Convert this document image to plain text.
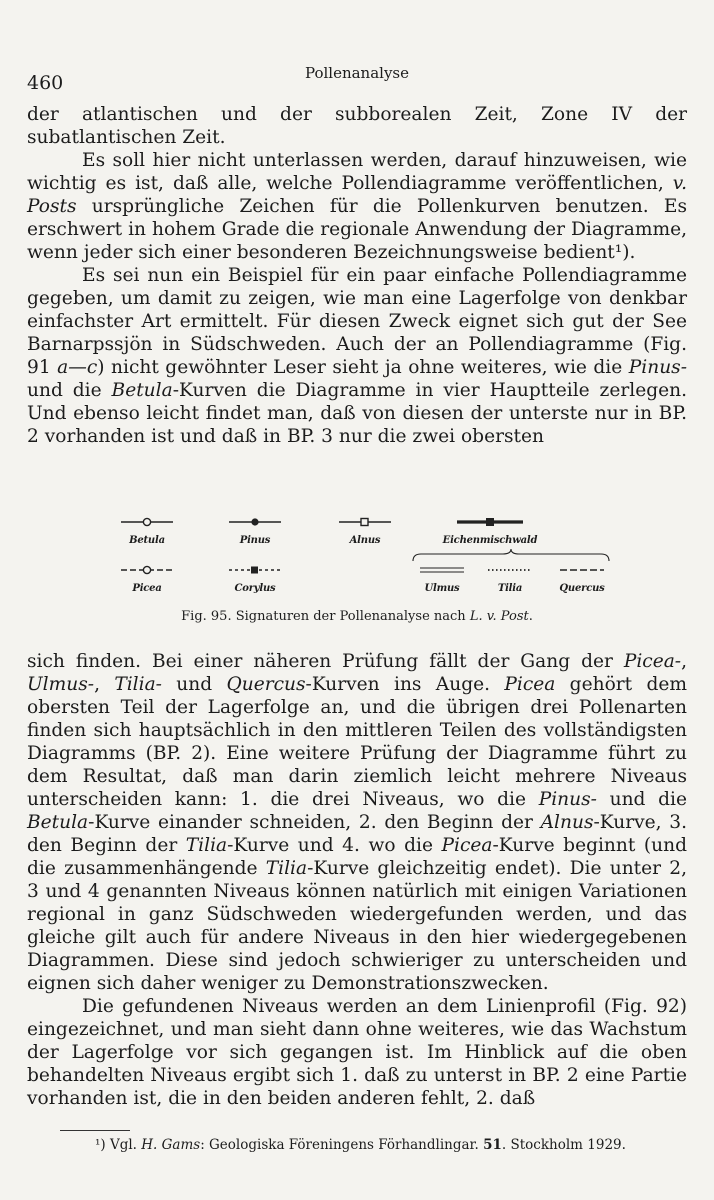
460	Pollenanalyse

der atlantischen und der subborealen Zeit, Zone IV der subatlantischen Zeit.

Es soll hier nicht unterlassen werden, darauf hinzuweisen, wie wichtig es ist, daß alle, welche Pollendiagramme veröffentlichen, v. Posts ursprüngliche Zeichen für die Pollenkurven benutzen. Es erschwert in hohem Grade die regionale Anwendung der Diagramme, wenn jeder sich einer besonderen Bezeichnungsweise bedient¹).

Es sei nun ein Beispiel für ein paar einfache Pollendiagramme gegeben, um damit zu zeigen, wie man eine Lagerfolge von denkbar einfachster Art ermittelt. Für diesen Zweck eignet sich gut der See Barnarpssjön in Südschweden. Auch der an Pollendiagramme (Fig. 91 a—c) nicht gewöhnter Leser sieht ja ohne weiteres, wie die Pinus- und die Betula-Kurven die Diagramme in vier Hauptteile zerlegen. Und ebenso leicht findet man, daß von diesen der unterste nur in BP. 2 vorhanden ist und daß in BP. 3 nur die zwei obersten

Betula	Pinus	Alnus	Eichenmischwald
Picea	Corylus	Ulmus	Tilia	Quercus
Fig. 95. Signaturen der Pollenanalyse nach L. v. Post.

sich finden. Bei einer näheren Prüfung fällt der Gang der Picea-, Ulmus-, Tilia- und Quercus-Kurven ins Auge. Picea gehört dem obersten Teil der Lagerfolge an, und die übrigen drei Pollenarten finden sich hauptsächlich in den mittleren Teilen des vollständigsten Diagramms (BP. 2). Eine weitere Prüfung der Diagramme führt zu dem Resultat, daß man darin ziemlich leicht mehrere Niveaus unterscheiden kann: 1. die drei Niveaus, wo die Pinus- und die Betula-Kurve einander schneiden, 2. den Beginn der Alnus-Kurve, 3. den Beginn der Tilia-Kurve und 4. wo die Picea-Kurve beginnt (und die zusammenhängende Tilia-Kurve gleichzeitig endet). Die unter 2, 3 und 4 genannten Niveaus können natürlich mit einigen Variationen regional in ganz Südschweden wiedergefunden werden, und das gleiche gilt auch für andere Niveaus in den hier wiedergegebenen Diagrammen. Diese sind jedoch schwieriger zu unterscheiden und eignen sich daher weniger zu Demonstrationszwecken.

Die gefundenen Niveaus werden an dem Linienprofil (Fig. 92) eingezeichnet, und man sieht dann ohne weiteres, wie das Wachstum der Lagerfolge vor sich gegangen ist. Im Hinblick auf die oben behandelten Niveaus ergibt sich 1. daß zu unterst in BP. 2 eine Partie vorhanden ist, die in den beiden anderen fehlt, 2. daß

¹) Vgl. H. Gams: Geologiska Föreningens Förhandlingar. 51. Stockholm 1929.
